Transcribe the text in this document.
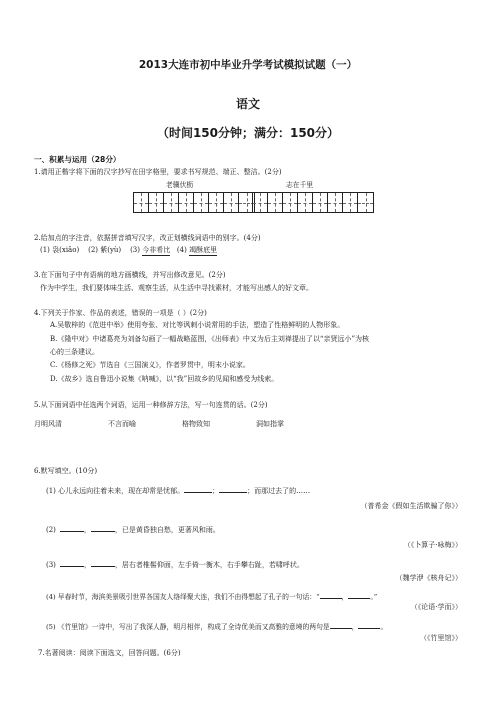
2013大连市初中毕业升学考试模拟试题（一）
语文
（时间150分钟；满分：150分）
一、积累与运用（28分）
1.请用正楷字将下面的汉字抄写在田字格里，要求书写规范、端正、整洁。(2分)
老骥伏枥	志在千里
2.给加点的字注音，依据拼音填写汉字，改正划横线词语中的别字。(4分)
(1) 袅(xiǎo) (2) 紫(yù) (3) 今非希比 (4) 竭酥底里
3.在下面句子中有语病的地方画横线，并写出修改意见。(2分)
作为中学生，我们要体味生活、观察生活，从生活中寻找素材，才能写出感人的好文章。
4.下列关于作家、作品的表述，错误的一项是（ ）(2分)
A.吴敬梓的《范进中举》使用夸张、对比等讽刺小说常用的手法，塑造了性格鲜明的人物形象。
B.《隆中对》中诸葛亮为刘备勾画了一幅战略蓝图，《出师表》中又为后主刘禅提出了以“亲贤远小”为核
心的三条建议。
C.《杨修之死》节选自《三国演义》，作者罗贯中，明末小说家。
D.《故乡》选自鲁迅小说集《呐喊》，以“我”回故乡的见闻和感受为线索。
5.从下面词语中任选两个词语，运用一种修辞方法，写一句连贯的话。(2分)
月明风清	不言而喻	格物致知	洞如指掌
6.默写填空。(10分)
(1) 心儿永远向往着未来，现在却常是忧郁。	；	；而那过去了的……
（普希金《假如生活欺骗了你》）
(2)	，	，已是黄昏独自愁，更著风和雨。
（《卜算子·咏梅》）
(3)	，	，居右者椎髻仰面，左手倚一衡木，右手攀右趾，若啸呼状。
（魏学洢《核舟记》）
(4) 早春时节，海滨美景吸引世界各国友人络绎聚大连，我们不由得想起了孔子的一句话：“	，	。”
（《论语·学而》）
(5) 《竹里馆》一诗中，写出了我深人静，明月相伴，构成了全诗优美而又高雅的意境的两句是	，	。
（《竹里馆》）
7.名著阅读：阅读下面选文，回答问题。(6分)
